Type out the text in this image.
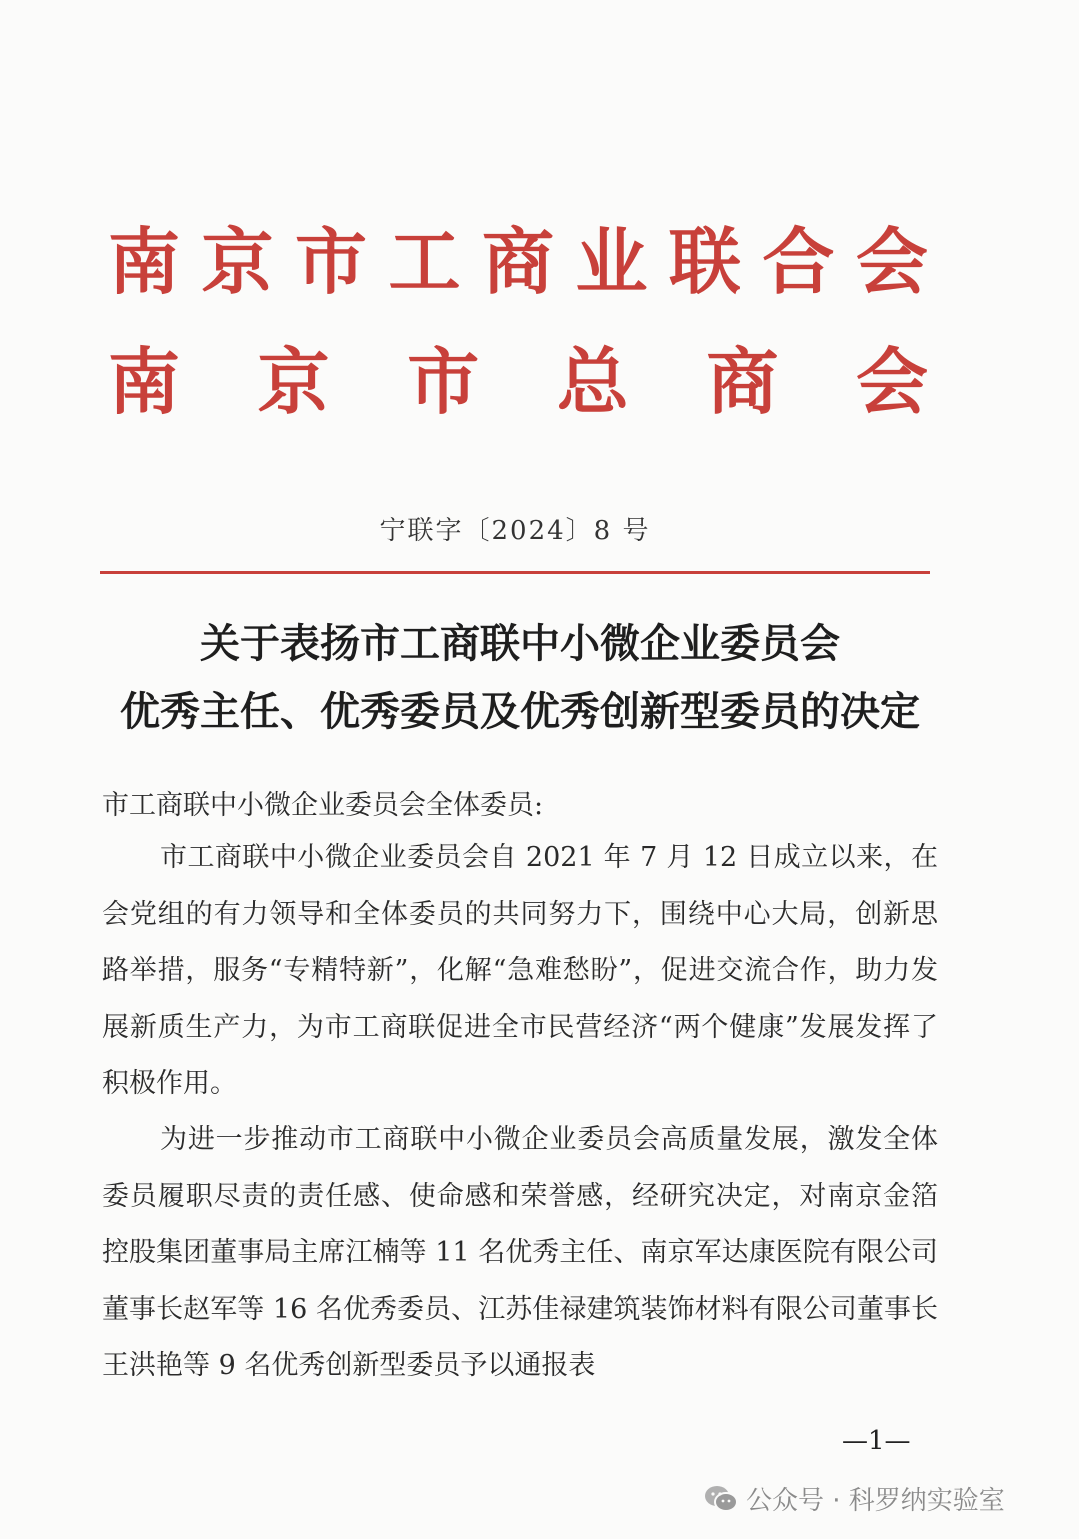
南 京 市 工 商 业 联 合 会
南 京 市 总 商 会
宁联字〔2024〕8 号
关于表扬市工商联中小微企业委员会
优秀主任、优秀委员及优秀创新型委员的决定
市工商联中小微企业委员会全体委员:
市工商联中小微企业委员会自 2021 年 7 月 12 日成立以来，在会党组的有力领导和全体委员的共同努力下，围绕中心大局，创新思路举措，服务“专精特新”，化解“急难愁盼”，促进交流合作，助力发展新质生产力，为市工商联促进全市民营经济“两个健康”发展发挥了积极作用。
为进一步推动市工商联中小微企业委员会高质量发展，激发全体委员履职尽责的责任感、使命感和荣誉感，经研究决定，对南京金箔控股集团董事局主席江楠等 11 名优秀主任、南京军达康医院有限公司董事长赵军等 16 名优秀委员、江苏佳禄建筑装饰材料有限公司董事长王洪艳等 9 名优秀创新型委员予以通报表
—1—
公众号 · 科罗纳实验室
